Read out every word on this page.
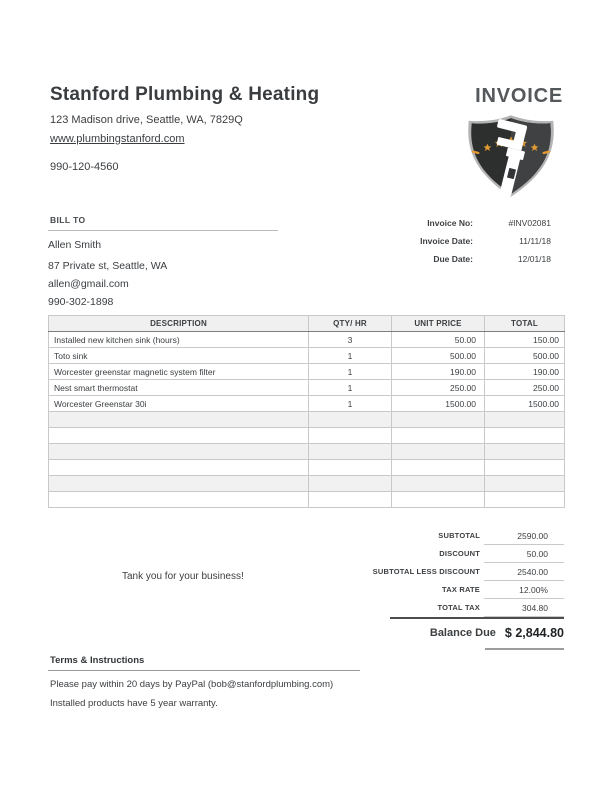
Stanford Plumbing & Heating
123 Madison drive, Seattle, WA, 7829Q
www.plumbingstanford.com
990-120-4560
INVOICE
BILL TO
Allen Smith
87 Private st, Seattle, WA
allen@gmail.com
990-302-1898
Invoice No:	#INV02081
Invoice Date:	11/11/18
Due Date:	12/01/18
DESCRIPTION	QTY/ HR	UNIT PRICE	TOTAL
Installed new kitchen sink (hours)	3	50.00	150.00
Toto sink	1	500.00	500.00
Worcester greenstar magnetic system filter	1	190.00	190.00
Nest smart thermostat	1	250.00	250.00
Worcester Greenstar 30i	1	1500.00	1500.00

SUBTOTAL	2590.00
DISCOUNT	50.00
SUBTOTAL LESS DISCOUNT	2540.00
TAX RATE	12.00%
TOTAL TAX	304.80
Tank you for your business!
Balance Due $ 2,844.80
Terms & Instructions
Please pay within 20 days by PayPal (bob@stanfordplumbing.com)
Installed products have 5 year warranty.
